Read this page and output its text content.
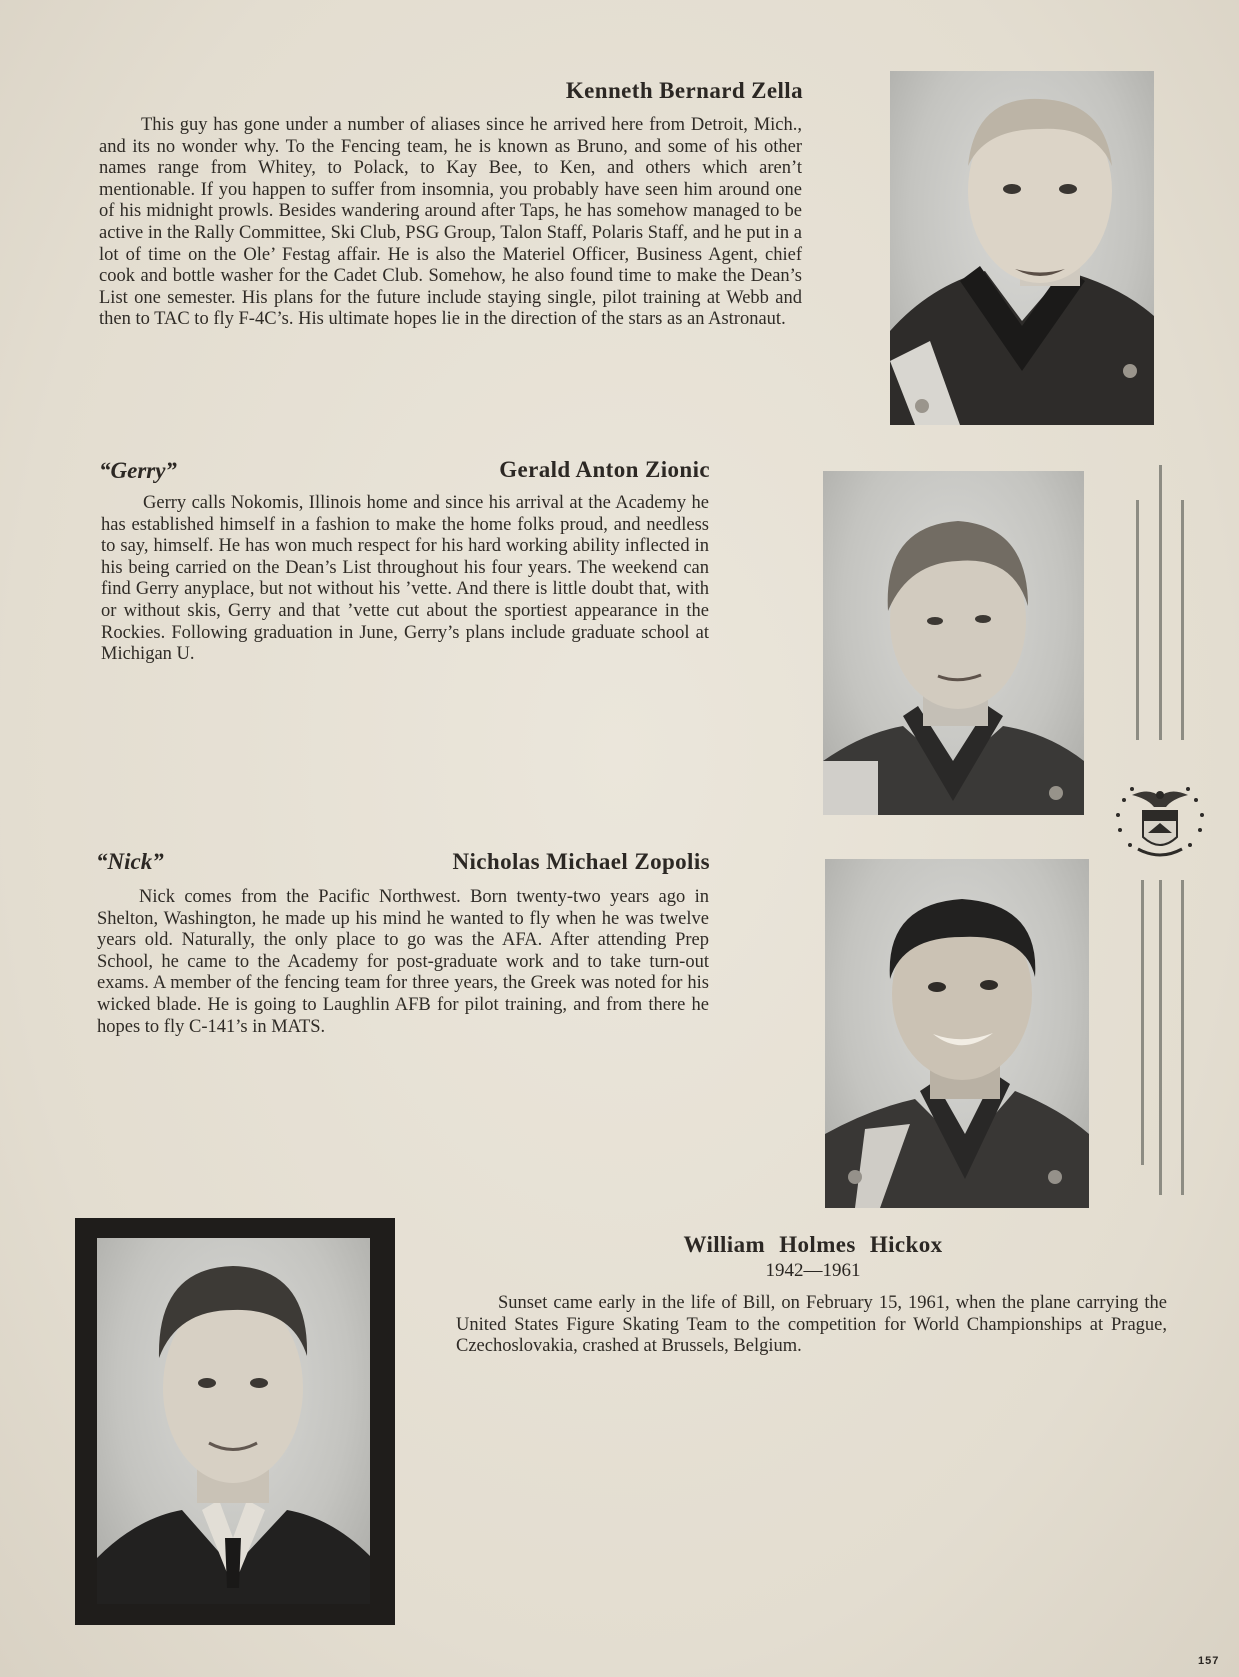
Kenneth Bernard Zella

This guy has gone under a number of aliases since he arrived here from Detroit, Mich., and its no wonder why. To the Fencing team, he is known as Bruno, and some of his other names range from Whitey, to Polack, to Kay Bee, to Ken, and others which aren’t mentionable. If you happen to suffer from insomnia, you probably have seen him around one of his midnight prowls. Besides wandering around after Taps, he has somehow managed to be active in the Rally Committee, Ski Club, PSG Group, Talon Staff, Polaris Staff, and he put in a lot of time on the Ole’ Festag affair. He is also the Materiel Officer, Business Agent, chief cook and bottle washer for the Cadet Club. Somehow, he also found time to make the Dean’s List one semester. His plans for the future include staying single, pilot training at Webb and then to TAC to fly F-4C’s. His ultimate hopes lie in the direction of the stars as an Astronaut.

“Gerry”	Gerald Anton Zionic

Gerry calls Nokomis, Illinois home and since his arrival at the Academy he has established himself in a fashion to make the home folks proud, and needless to say, himself. He has won much respect for his hard working ability inflected in his being carried on the Dean’s List throughout his four years. The weekend can find Gerry anyplace, but not without his ’vette. And there is little doubt that, with or without skis, Gerry and that ’vette cut about the sportiest appearance in the Rockies. Following graduation in June, Gerry’s plans include graduate school at Michigan U.

“Nick”	Nicholas Michael Zopolis

Nick comes from the Pacific Northwest. Born twenty-two years ago in Shelton, Washington, he made up his mind he wanted to fly when he was twelve years old. Naturally, the only place to go was the AFA. After attending Prep School, he came to the Academy for post-graduate work and to take turn-out exams. A member of the fencing team for three years, the Greek was noted for his wicked blade. He is going to Laughlin AFB for pilot training, and from there he hopes to fly C-141’s in MATS.

William Holmes Hickox
1942—1961

Sunset came early in the life of Bill, on February 15, 1961, when the plane carrying the United States Figure Skating Team to the competition for World Championships at Prague, Czechoslovakia, crashed at Brussels, Belgium.

157
